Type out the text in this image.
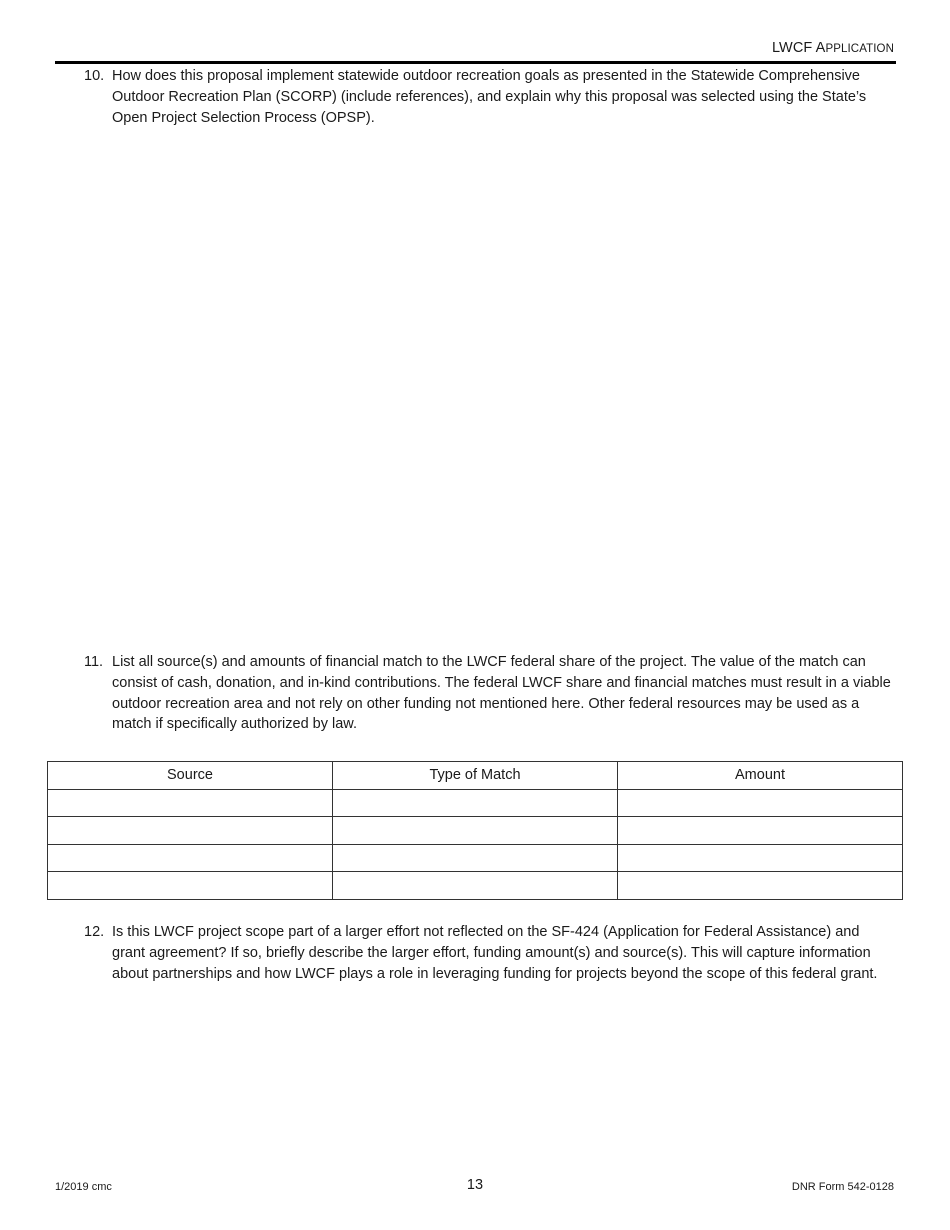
LWCF APPLICATION
10. How does this proposal implement statewide outdoor recreation goals as presented in the Statewide Comprehensive Outdoor Recreation Plan (SCORP) (include references), and explain why this proposal was selected using the State’s Open Project Selection Process (OPSP).
11. List all source(s) and amounts of financial match to the LWCF federal share of the project. The value of the match can consist of cash, donation, and in-kind contributions. The federal LWCF share and financial matches must result in a viable outdoor recreation area and not rely on other funding not mentioned here. Other federal resources may be used as a match if specifically authorized by law.
Source	Type of Match	Amount

12. Is this LWCF project scope part of a larger effort not reflected on the SF-424 (Application for Federal Assistance) and grant agreement? If so, briefly describe the larger effort, funding amount(s) and source(s). This will capture information about partnerships and how LWCF plays a role in leveraging funding for projects beyond the scope of this federal grant.
1/2019 cmc	13	DNR Form 542-0128
